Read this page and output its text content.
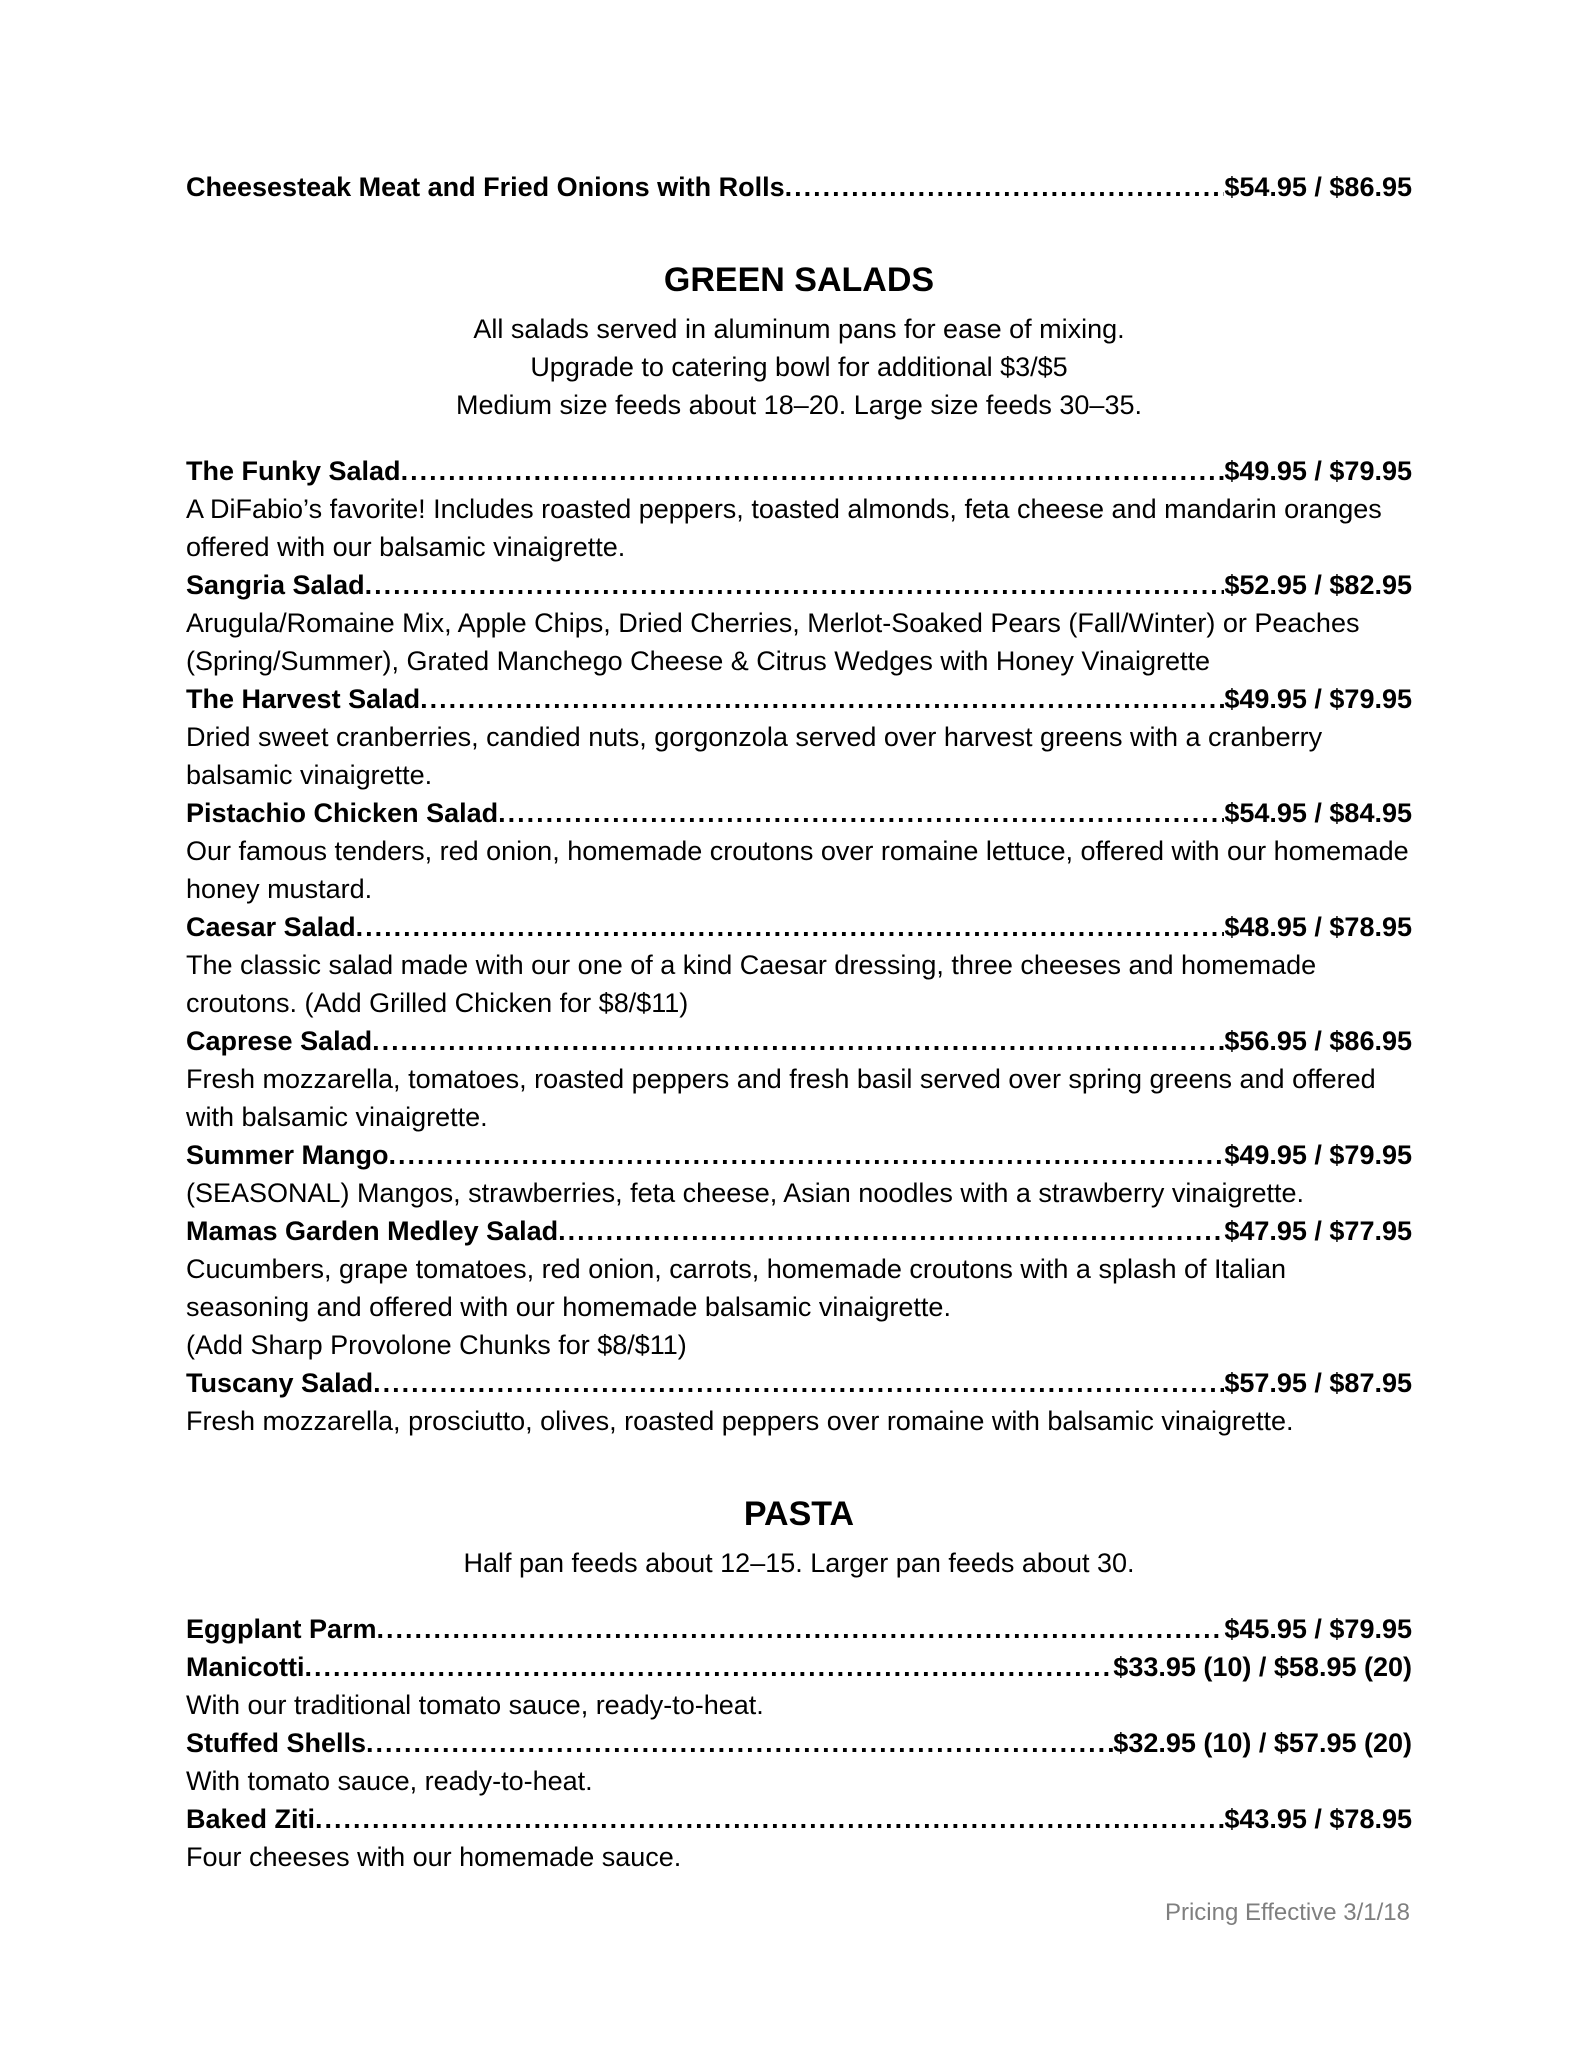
Cheesesteak Meat and Fried Onions with Rolls .....	$54.95 / $86.95
GREEN SALADS
All salads served in aluminum pans for ease of mixing.
Upgrade to catering bowl for additional $3/$5
Medium size feeds about 18–20. Large size feeds 30–35.
The Funky Salad .....	$49.95 / $79.95
A DiFabio’s favorite! Includes roasted peppers, toasted almonds, feta cheese and mandarin oranges offered with our balsamic vinaigrette.
Sangria Salad .....	$52.95 / $82.95
Arugula/Romaine Mix, Apple Chips, Dried Cherries, Merlot-Soaked Pears (Fall/Winter) or Peaches (Spring/Summer), Grated Manchego Cheese & Citrus Wedges with Honey Vinaigrette
The Harvest Salad .....	$49.95 / $79.95
Dried sweet cranberries, candied nuts, gorgonzola served over harvest greens with a cranberry balsamic vinaigrette.
Pistachio Chicken Salad .....	$54.95 / $84.95
Our famous tenders, red onion, homemade croutons over romaine lettuce, offered with our homemade honey mustard.
Caesar Salad .....	$48.95 / $78.95
The classic salad made with our one of a kind Caesar dressing, three cheeses and homemade croutons. (Add Grilled Chicken for $8/$11)
Caprese Salad .....	$56.95 / $86.95
Fresh mozzarella, tomatoes, roasted peppers and fresh basil served over spring greens and offered with balsamic vinaigrette.
Summer Mango .....	$49.95 / $79.95
(SEASONAL) Mangos, strawberries, feta cheese, Asian noodles with a strawberry vinaigrette.
Mamas Garden Medley Salad .....	$47.95 / $77.95
Cucumbers, grape tomatoes, red onion, carrots, homemade croutons with a splash of Italian seasoning and offered with our homemade balsamic vinaigrette.
(Add Sharp Provolone Chunks for $8/$11)
Tuscany Salad .....	$57.95 / $87.95
Fresh mozzarella, prosciutto, olives, roasted peppers over romaine with balsamic vinaigrette.
PASTA
Half pan feeds about 12–15. Larger pan feeds about 30.
Eggplant Parm .....	$45.95 / $79.95
Manicotti .....	$33.95 (10) / $58.95 (20)
With our traditional tomato sauce, ready-to-heat.
Stuffed Shells .....	$32.95 (10) / $57.95 (20)
With tomato sauce, ready-to-heat.
Baked Ziti .....	$43.95 / $78.95
Four cheeses with our homemade sauce.
Pricing Effective 3/1/18
